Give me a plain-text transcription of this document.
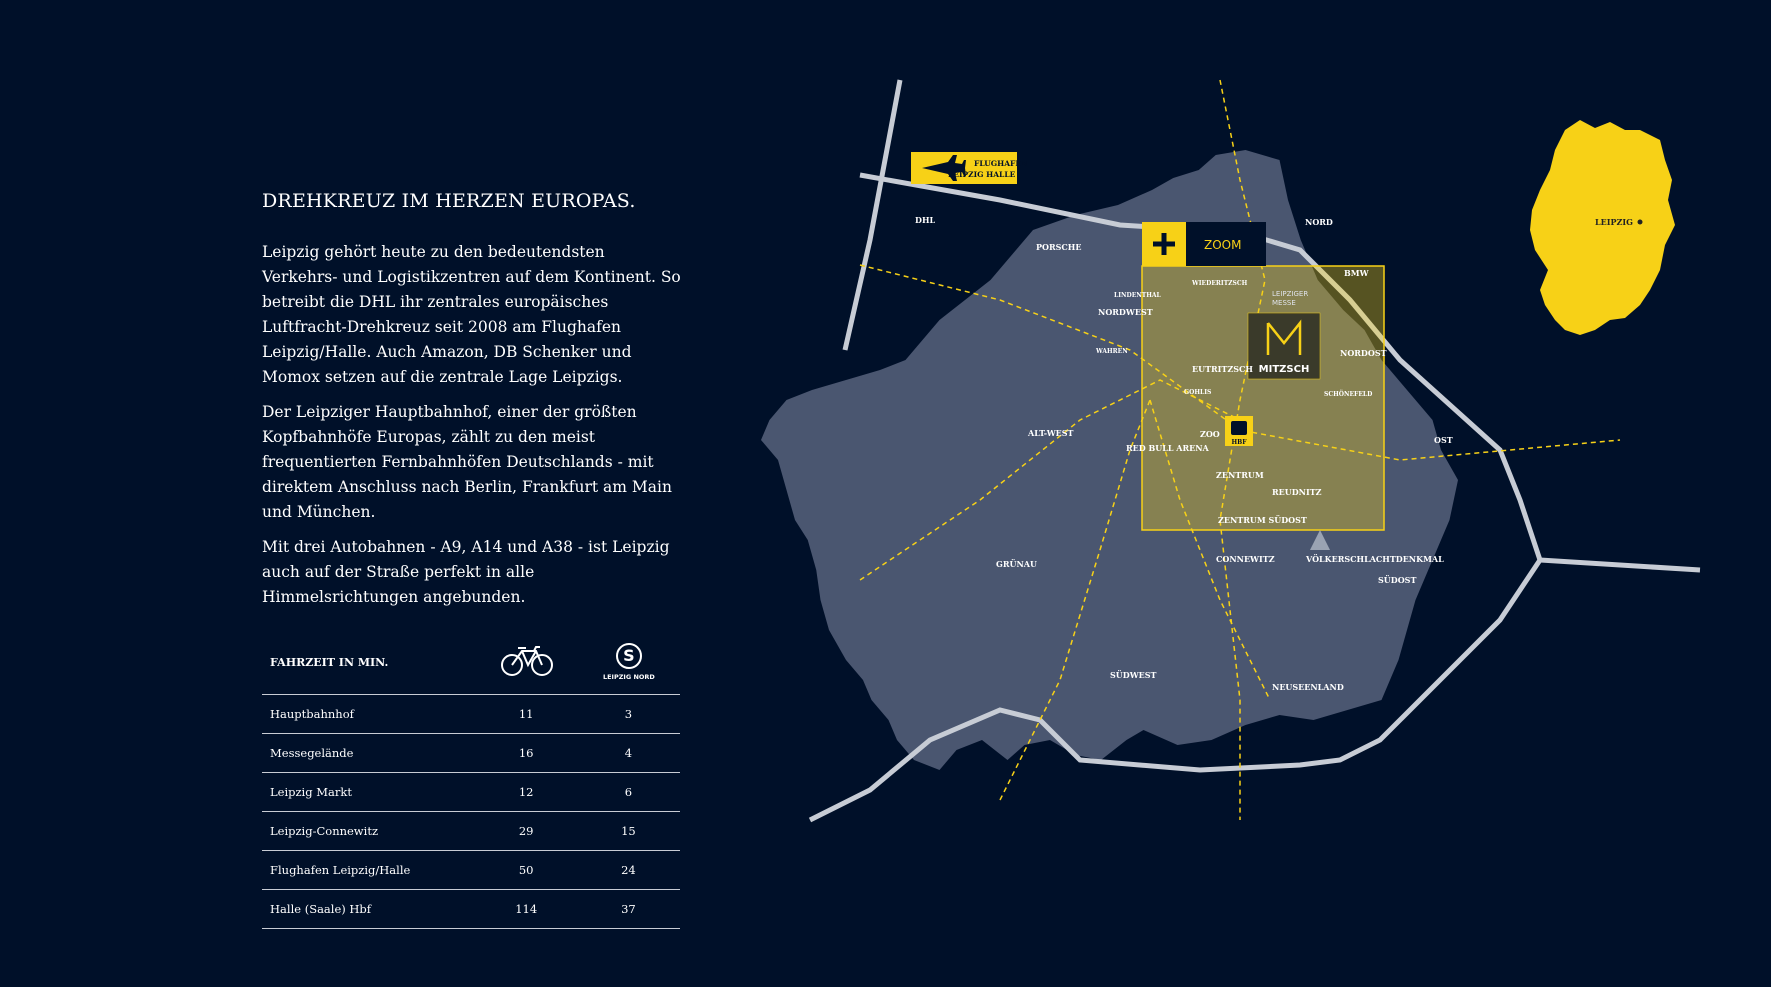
DREHKREUZ IM HERZEN EUROPAS.

Leipzig gehört heute zu den bedeutendsten Verkehrs- und Logistikzentren auf dem Kontinent. So betreibt die DHL ihr zentrales europäisches Luftfracht-Drehkreuz seit 2008 am Flughafen Leipzig/Halle. Auch Amazon, DB Schenker und Momox setzen auf die zentrale Lage Leipzigs.

Der Leipziger Hauptbahnhof, einer der größten Kopfbahnhöfe Europas, zählt zu den meist frequentierten Fernbahnhöfen Deutschlands - mit direktem Anschluss nach Berlin, Frankfurt am Main und München.

Mit drei Autobahnen - A9, A14 und A38 - ist Leipzig auch auf der Straße perfekt in alle Himmelsrichtungen angebunden.

FAHRZEIT IN MIN.		S
LEIPZIG NORD

Hauptbahnhof	11	3
Messegelände	16	4
Leipzig Markt	12	6
Leipzig-Connewitz	29	15
Flughafen Leipzig/Halle	50	24
Halle (Saale) Hbf	114	37
LEIPZIG
ZOOM
MITZSCH
LEIPZIGER
MESSE
FLUGHAFEN
LEIPZIG HALLE
HBF
DHL
PORSCHE
NORD
BMW
NORDWEST
NORDOST
EUTRITZSCH
GOHLIS	SCHÖNEFELD
ALT-WEST	ZOO
RED BULL ARENA
ZENTRUM
REUDNITZ
OST
ZENTRUM SÜDOST
CONNEWITZ	VÖLKERSCHLACHTDENKMAL
SÜDOST
GRÜNAU
SÜDWEST
NEUSEENLAND
LINDENTHAL
WIEDERITZSCH
WAHREN
